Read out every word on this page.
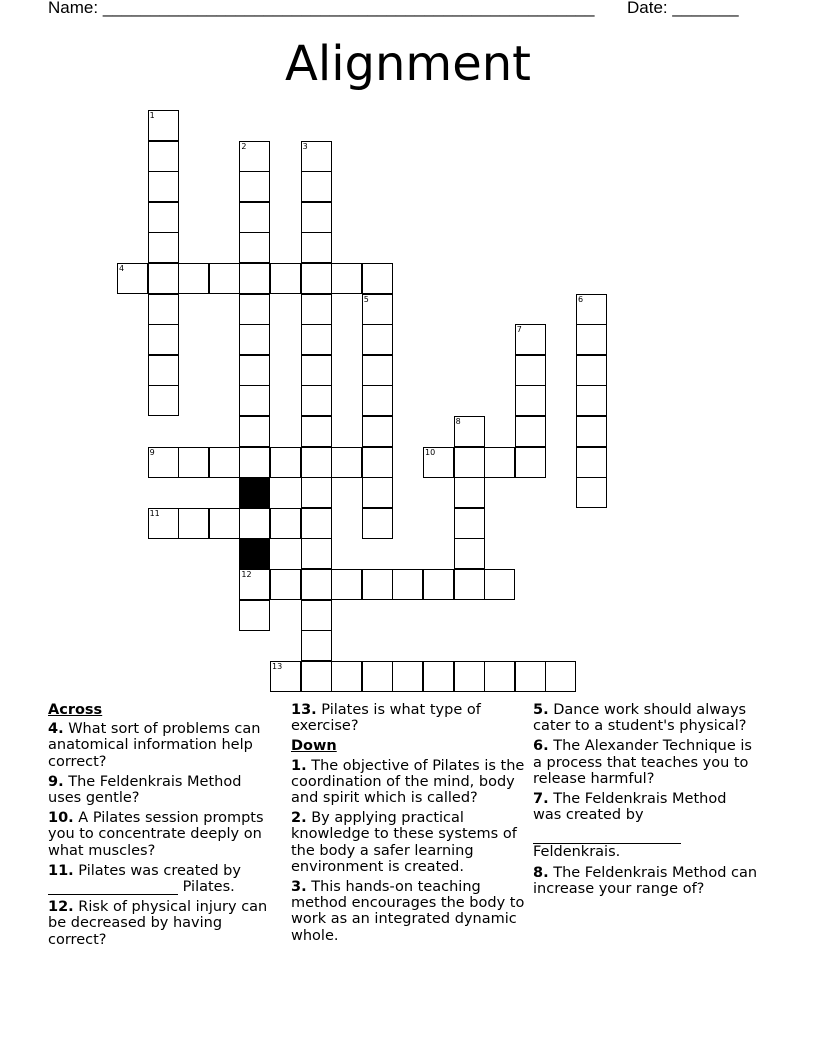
Name: ____________________________________________________ Date: _______
Alignment
1
2	3
4
5	6
7
8
9	10
11
12
13

Across

4. What sort of problems can anatomical information help correct?

9. The Feldenkrais Method uses gentle?

10. A Pilates session prompts you to concentrate deeply on what muscles?

11. Pilates was created by
Pilates.

12. Risk of physical injury can be decreased by having correct?

13. Pilates is what type of exercise?

Down

1. The objective of Pilates is the coordination of the mind, body and spirit which is called?

2. By applying practical knowledge to these systems of the body a safer learning environment is created.

3. This hands-on teaching method encourages the body to work as an integrated dynamic whole.

5. Dance work should always cater to a student's physical?

6. The Alexander Technique is a process that teaches you to release harmful?

7. The Feldenkrais Method was created by

Feldenkrais.

8. The Feldenkrais Method can increase your range of?
